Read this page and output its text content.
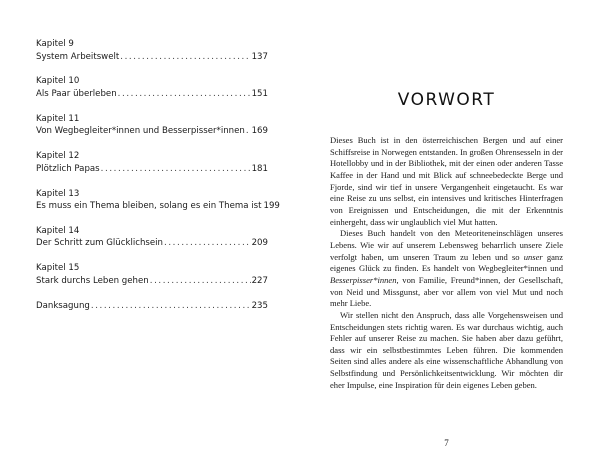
Kapitel 9
System Arbeitswelt .....	137
Kapitel 10
Als Paar überleben .....	151
Kapitel 11
Von Wegbegleiter*innen und Besserpisser*innen ..... 169
Kapitel 12
Plötzlich Papas .....	181
Kapitel 13
Es muss ein Thema bleiben, solang es ein Thema ist 199
Kapitel 14
Der Schritt zum Glücklichsein .....	209
Kapitel 15
Stark durchs Leben gehen .....	227
Danksagung .....	235
VORWORT

Dieses Buch ist in den österreichischen Bergen und auf einer Schiffsreise in Norwegen entstanden. In großen Ohrensesseln in der Hotellobby und in der Bibliothek, mit der einen oder anderen Tasse Kaffee in der Hand und mit Blick auf schneebedeckte Berge und Fjorde, sind wir tief in unsere Vergangenheit eingetaucht. Es war eine Reise zu uns selbst, ein intensives und kritisches Hinterfragen von Ereignissen und Entscheidungen, die mit der Erkenntnis einhergeht, dass wir unglaublich viel Mut hatten.

Dieses Buch handelt von den Meteoriteneinschlägen unseres Lebens. Wie wir auf unserem Lebensweg beharrlich unsere Ziele verfolgt haben, um unseren Traum zu leben und so unser ganz eigenes Glück zu finden. Es handelt von Wegbegleiter*innen und Besserpisser*innen, von Familie, Freund*innen, der Gesellschaft, von Neid und Missgunst, aber vor allem von viel Mut und noch mehr Liebe.

Wir stellen nicht den Anspruch, dass alle Vorgehensweisen und Entscheidungen stets richtig waren. Es war durchaus wichtig, auch Fehler auf unserer Reise zu machen. Sie haben aber dazu geführt, dass wir ein selbstbestimmtes Leben führen. Die kommenden Seiten sind alles andere als eine wissenschaftliche Abhandlung von Selbstfindung und Persönlichkeitsentwicklung. Wir möchten dir eher Impulse, eine Inspiration für dein eigenes Leben geben.

7
